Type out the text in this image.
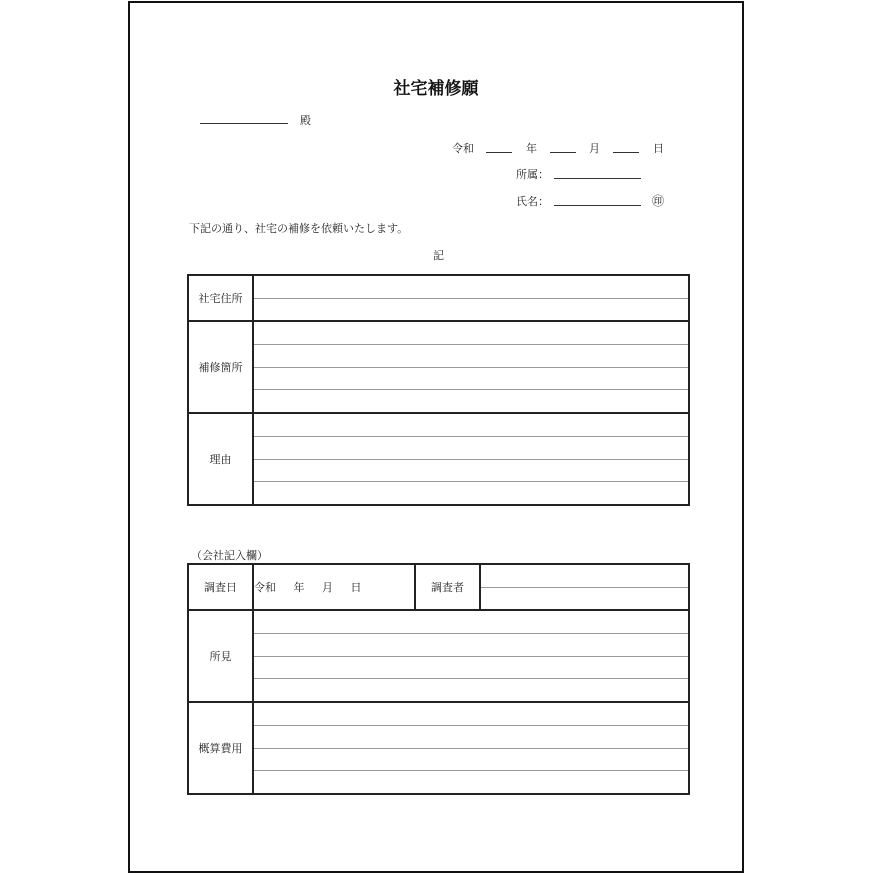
社宅補修願
殿
令和	年	月	日
所属：
氏名：	㊞
下記の通り、社宅の補修を依頼いたします。
記
社宅住所	

補修箇所	

理由	
（会社記入欄）
調査日	令和 年 月 日	調査者	

所見			

概算費用			
